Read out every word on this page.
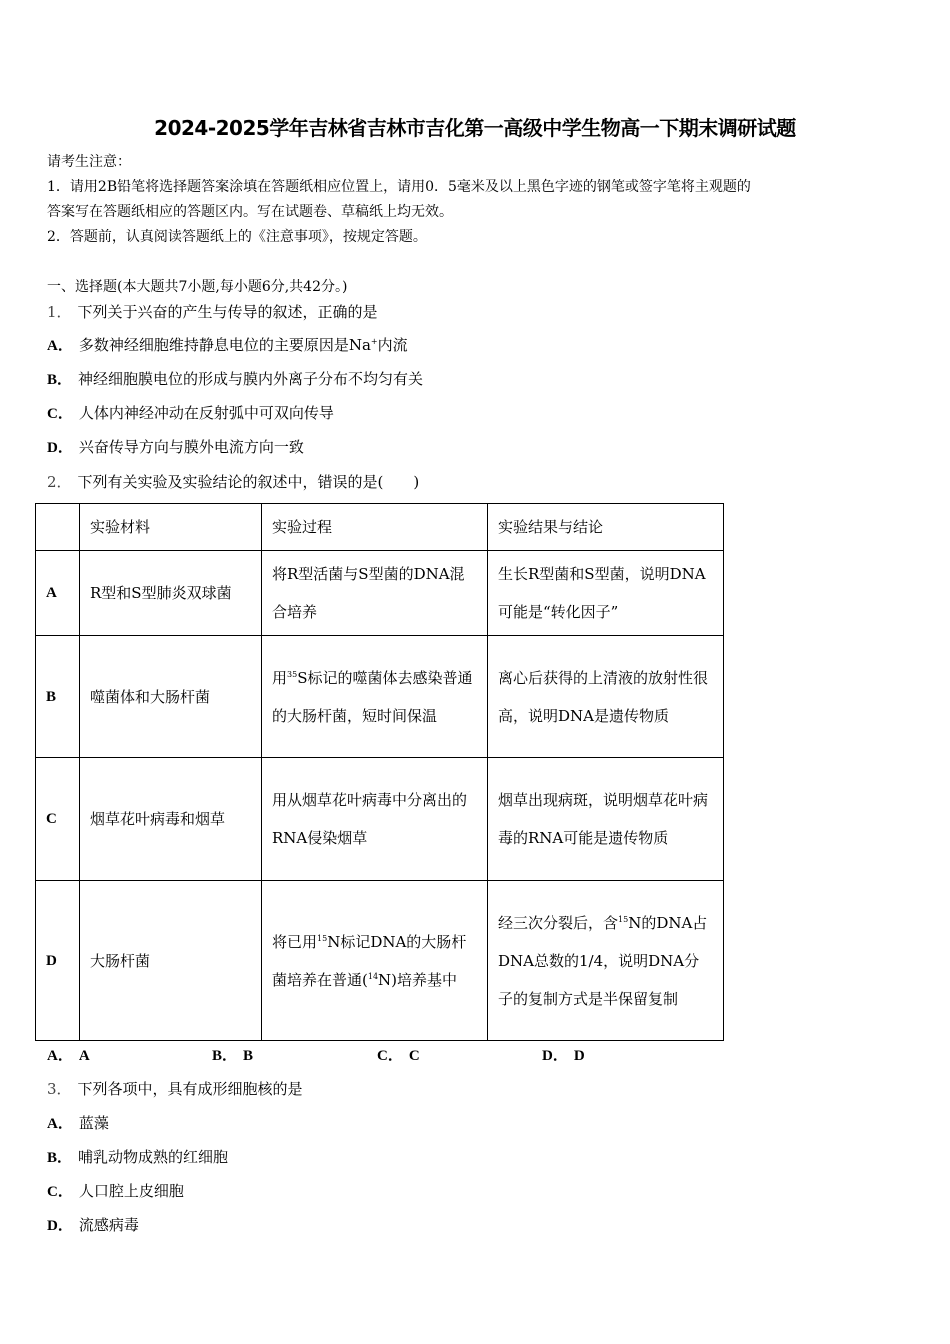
2024-2025学年吉林省吉林市吉化第一高级中学生物高一下期末调研试题
请考生注意：
1．请用2B铅笔将选择题答案涂填在答题纸相应位置上，请用0．5毫米及以上黑色字迹的钢笔或签字笔将主观题的
答案写在答题纸相应的答题区内。写在试题卷、草稿纸上均无效。
2．答题前，认真阅读答题纸上的《注意事项》，按规定答题。
一、选择题(本大题共7小题,每小题6分,共42分。)
1． 下列关于兴奋的产生与传导的叙述，正确的是
A． 多数神经细胞维持静息电位的主要原因是Na+内流
B． 神经细胞膜电位的形成与膜内外离子分布不均匀有关
C． 人体内神经冲动在反射弧中可双向传导
D． 兴奋传导方向与膜外电流方向一致
2． 下列有关实验及实验结论的叙述中，错误的是(　　)
	实验材料	实验过程	实验结果与结论
A	R型和S型肺炎双球菌	将R型活菌与S型菌的DNA混合培养	生长R型菌和S型菌，说明DNA可能是“转化因子”
B	噬菌体和大肠杆菌	用$^{35}$S标记的噬菌体去感染普通的大肠杆菌，短时间保温	离心后获得的上清液的放射性很高，说明DNA是遗传物质
C	烟草花叶病毒和烟草	用从烟草花叶病毒中分离出的RNA侵染烟草	烟草出现病斑，说明烟草花叶病毒的RNA可能是遗传物质
D	大肠杆菌	将已用$^{15}$N标记DNA的大肠杆菌培养在普通($^{14}$N)培养基中	经三次分裂后，含$^{15}$N的DNA占DNA总数的1/4，说明DNA分子的复制方式是半保留复制
A． A	B． B	C． C	D． D
3． 下列各项中，具有成形细胞核的是
A． 蓝藻
B． 哺乳动物成熟的红细胞
C． 人口腔上皮细胞
D． 流感病毒
